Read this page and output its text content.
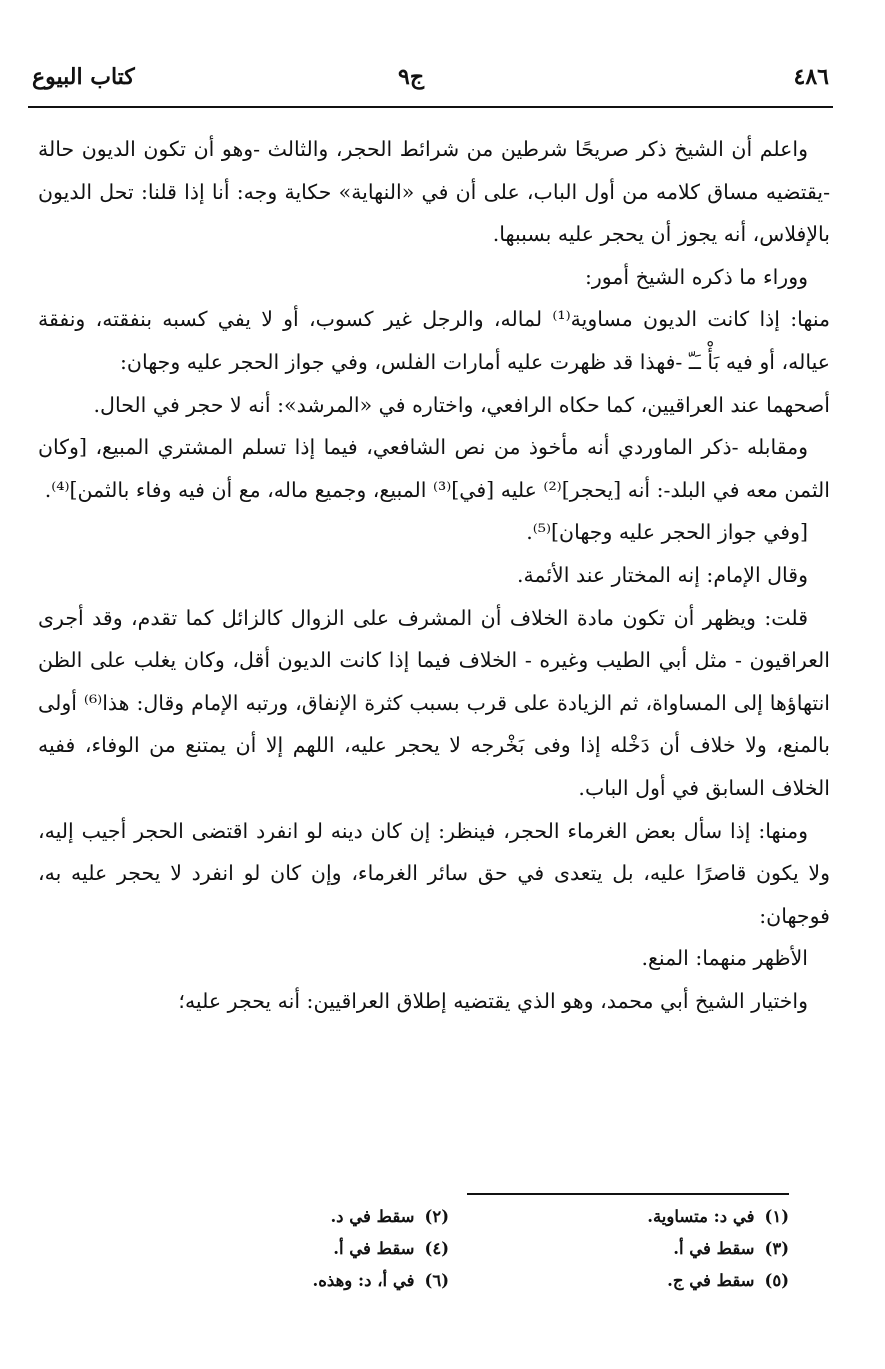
كتاب البيوع	ج٩	٤٨٦

واعلم أن الشيخ ذكر صريحًا شرطين من شرائط الحجر، والثالث -وهو أن تكون الديون حالة -يقتضيه مساق كلامه من أول الباب، على أن في «النهاية» حكاية وجه: أنا إذا قلنا: تحل الديون بالإفلاس، أنه يجوز أن يحجر عليه بسببها.

ووراء ما ذكره الشيخ أمور:

منها: إذا كانت الديون مساوية⁽¹⁾ لماله، والرجل غير كسوب، أو لا يفي كسبه بنفقته، ونفقة عياله، أو فيه بَأْ ـَـّ -فهذا قد ظهرت عليه أمارات الفلس، وفي جواز الحجر عليه وجهان:

أصحهما عند العراقيين، كما حكاه الرافعي، واختاره في «المرشد»: أنه لا حجر في الحال.

ومقابله -ذكر الماوردي أنه مأخوذ من نص الشافعي، فيما إذا تسلم المشتري المبيع، [وكان الثمن معه في البلد-: أنه [يحجر]⁽²⁾ عليه [في]⁽³⁾ المبيع، وجميع ماله، مع أن فيه وفاء بالثمن]⁽⁴⁾.

[وفي جواز الحجر عليه وجهان]⁽⁵⁾.

وقال الإمام: إنه المختار عند الأئمة.

قلت: ويظهر أن تكون مادة الخلاف أن المشرف على الزوال كالزائل كما تقدم، وقد أجرى العراقيون - مثل أبي الطيب وغيره - الخلاف فيما إذا كانت الديون أقل، وكان يغلب على الظن انتهاؤها إلى المساواة، ثم الزيادة على قرب بسبب كثرة الإنفاق، ورتبه الإمام وقال: هذا⁽⁶⁾ أولى بالمنع، ولا خلاف أن دَخْله إذا وفى بَخْرجه لا يحجر عليه، اللهم إلا أن يمتنع من الوفاء، ففيه الخلاف السابق في أول الباب.

ومنها: إذا سأل بعض الغرماء الحجر، فينظر: إن كان دينه لو انفرد اقتضى الحجر أجيب إليه، ولا يكون قاصرًا عليه، بل يتعدى في حق سائر الغرماء، وإن كان لو انفرد لا يحجر عليه به، فوجهان:

الأظهر منهما: المنع.

واختيار الشيخ أبي محمد، وهو الذي يقتضيه إطلاق العراقيين: أنه يحجر عليه؛

(١)في د: متساوية.
(٢)سقط في د.
(٣)سقط في أ.
(٤)سقط في أ.
(٥)سقط في ج.
(٦)في أ، د: وهذه.
